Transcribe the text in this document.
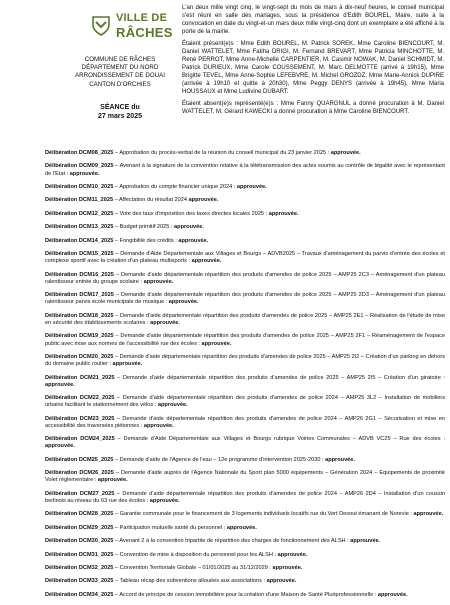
VILLE DE
RÂCHES
COMMUNE DE RÂCHES
DÉPARTEMENT DU NORD
ARRONDISSEMENT DE DOUAI
CANTON D'ORCHIES
SÉANCE du
27 mars 2025

L'an deux mille vingt cinq, le vingt-sept du mois de mars à dix-neuf heures, le conseil municipal s'est réuni en salle des mariages, sous la présidence d'Edith BOUREL, Maire, suite à la convocation en date du vingt-et-un mars deux mille vingt-cinq dont un exemplaire a été affiché à la porte de la mairie.

Étaient présent(e)s : Mme Edith BOUREL, M. Patrick SOREK, Mme Caroline BIENCOURT, M. Daniel WATTELET, Mme Fatiha DRIGI, M. Fernand BREVART, Mme Patricia MINCHOTTE, M. René PERROT, Mme Anne-Michelle CARPENTIER, M. Casimir NOWAK, M. Daniel SCHMIDT, M. Patrick DURIEUX, Mme Carole COUSSEMENT, M. Marc DELMOTTE (arrivé à 19h15), Mme Brigitte TEVEL, Mme Anne-Sophie LEFEBVRE, M. Michel GROZDZ, Mme Marie-Annick DUPIRE (arrivée à 19h10 et quitte à 20h30), Mme Peggy DENYS (arrivée à 19h45), Mme Maria HOUSSAUX et Mme Ludivine DUBART.

Étaient absent(e)s représenté(e)s : Mme Fanny QUARGNUL a donné procuration à M. Daniel WATTELET, M. Gérard KAWECKI a donné procuration à Mme Caroline BIENCOURT.

Délibération DCM08_2025 – Approbation du procès-verbal de la réunion du conseil municipal du 23 janvier 2025 : approuvée.
Délibération DCM09_2025 – Avenant à la signature de la convention relative à la télétransmission des actes soumis au contrôle de légalité avec le représentant de l'Etat : approuvée.
Délibération DCM10_2025 – Approbation du compte financier unique 2024 : approuvée.
Délibération DCM11_2025 – Affectation du résultat 2024 approuvée.
Délibération DCM12_2025 – Vote des taux d'imposition des taxes directes locales 2025 : approuvée.
Délibération DCM13_2025 – Budget primitif 2025 : approuvée.
Délibération DCM14_2025 – Fongibilité des crédits : approuvée.
Délibération DCM15_2025 – Demande d'Aide Départementale aux Villages et Bourgs – ADVB2025 – Travaux d'aménagement du parvis d'entrée des écoles et complexe sportif avec la création d'un plateau multisports : approuvée.
Délibération DCM16_2025 – Demande d'aide départementale répartition des produits d'amendes de police 2025 – AMP25 2C3 – Aménagement d'un plateau ralentisseur entrée du groupe scolaire : approuvée.
Délibération DCM17_2025 – Demande d'aide départementale répartition des produits d'amendes de police 2025 – AMP25 2D3 – Aménagement d'un plateau ralentisseur parvis école municipale de musique : approuvée.
Délibération DCM18_2025 – Demande d'aide départementale répartition des produits d'amendes de police 2025 – AMP25 2E1 – Réalisation de l'étude de mise en sécurité des établissements scolaires : approuvée.
Délibération DCM19_2025 – Demande d'aide départementale répartition des produits d'amendes de police 2025 – AMP25 2F1 – Réaménagement de l'espace public avec mise aux normes de l'accessibilité rue des écoles : approuvée.
Délibération DCM20_2025 – Demande d'aide départementale répartition des produits d'amendes de police 2025 – AMP25 2I2 – Création d'un parking en dehors du domaine public routier : approuvée.
Délibération DCM21_2025 – Demande d'aide départementale répartition des produits d'amendes de police 2025 – AMP25 2I5 – Création d'un giratoire : approuvée.
Délibération DCM22_2025 – Demande d'aide départementale répartition des produits d'amendes de police 2024 – AMP25 3L2 – Installation de mobiliers urbains facilitant le stationnement des vélos : approuvée.
Délibération DCM23_2025 – Demande d'aide départementale répartition des produits d'amendes de police 2024 – AMP26 2G1 – Sécurisation et mise en accessibilité des traversées piétonnes : approuvée.
Délibération DCM24_2025 – Demande d'Aide Départementale aux Villages et Bourgs rubrique Voiries Communales – ADVB VC25 – Rue des écoles : approuvée.
Délibération DCM25_2025 – Demande d'aide de l'Agence de l'eau – 12e programme d'intervention 2025-2030 : approuvée.
Délibération DCM26_2025 – Demande d'aide auprès de l'Agence Nationale du Sport plan 5000 équipements – Génération 2024 – Equipements de proximité Volet réglementaire : approuvée.
Délibération DCM27_2025 – Demande d'aide départementale répartition des produits d'amendes de police 2024 – AMP26 2D4 – Installation d'un coussin berlinois au niveau du 63 rue des écoles : approuvée.
Délibération DCM28_2025 – Garantie communale pour le financement de 3 logements individuels locatifs rue du Vert Desout émanant de Norevie : approuvée.
Délibération DCM29_2025 – Participation mutuelle santé du personnel : approuvée.
Délibération DCM30_2025 – Avenant 2 à la convention tripartite de répartition des charges de fonctionnement des ALSH : approuvée.
Délibération DCM31_2025 – Convention de mise à disposition du personnel pour les ALSH : approuvée.
Délibération DCM32_2025 – Convention Territoriale Globale – 01/01/2025 au 31/12/2029 : approuvée.
Délibération DCM33_2025 – Tableau récap des subventions allouées aux associations : approuvée.
Délibération DCM34_2025 – Accord de principe de cession immobilière pour la création d'une Maison de Santé Pluriprofessionnelle : approuvée.
